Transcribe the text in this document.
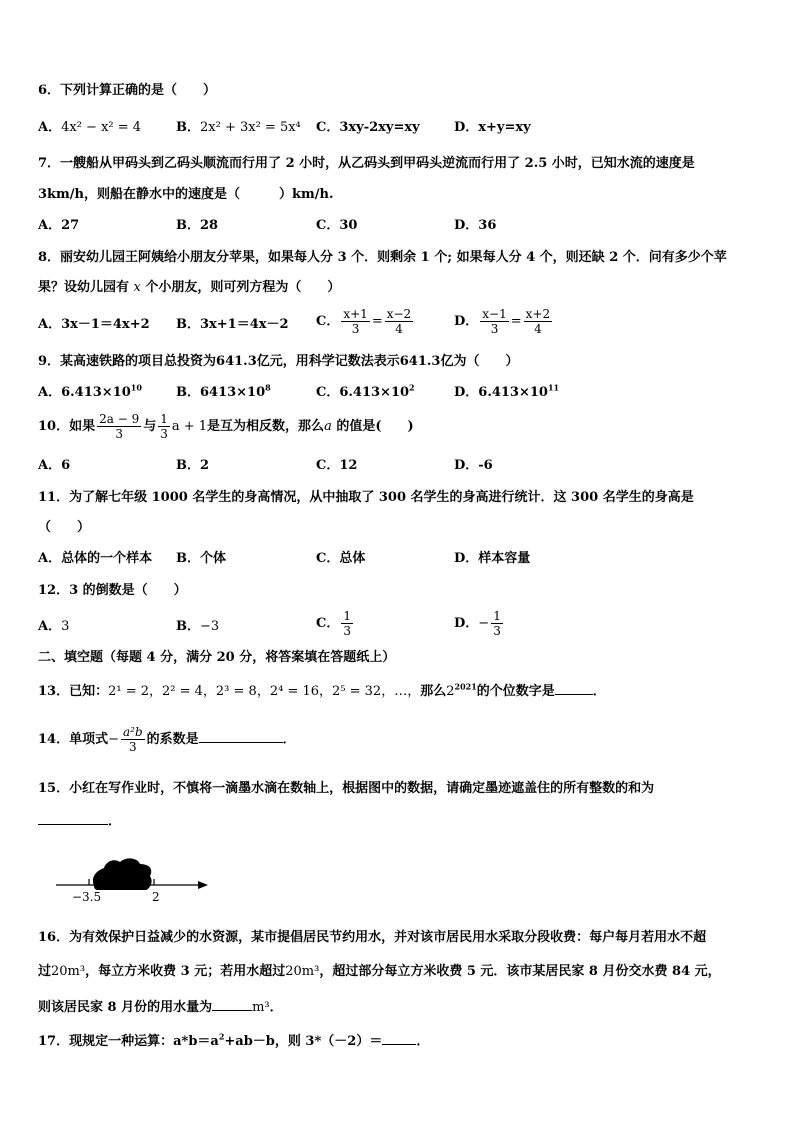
6．下列计算正确的是（　　）
A．4x² − x² = 4	B．2x² + 3x² = 5x⁴ C．3xy-2xy=xy	D．x+y=xy
7．一艘船从甲码头到乙码头顺流而行用了 2 小时，从乙码头到甲码头逆流而行用了 2.5 小时，已知水流的速度是
3km/h，则船在静水中的速度是（　　　）km/h.
A．27	B．28	C．30	D．36
8．丽安幼儿园王阿姨给小朋友分苹果，如果每人分 3 个．则剩余 1 个; 如果每人分 4 个，则还缺 2 个．问有多少个苹
果？设幼儿园有 x 个小朋友，则可列方程为（　　）
A．3x－1＝4x+2 B．3x+1＝4x－2 C． $\frac{x+1}{3} = \frac{x-2}{4}$	D． $\frac{x-1}{3} = \frac{x+2}{4}$
9．某高速铁路的项目总投资为641.3亿元，用科学记数法表示641.3亿为（　　）
A．$6.413\times 10^{10}$	B．$6413\times 10^8$	C．$6.413\times 10^2$	D．$6.413\times 10^{11}$
10．如果 $\frac{2a - 9}{3}$ 与 $\frac{1}{3}$ a + 1是互为相反数，那么a 的值是(　　)
A．6	B．2	C．12	D．-6
11．为了解七年级 1000 名学生的身高情况，从中抽取了 300 名学生的身高进行统计．这 300 名学生的身高是
（　　）
A．总体的一个样本 B．个体	C．总体	D．样本容量
12．3 的倒数是（　　）
A．3	B．−3	C． $\frac{1}{3}$	D．− $\frac{1}{3}$
二、填空题（每题 4 分，满分 20 分，将答案填在答题纸上）
13．已知：2¹ = 2，2² = 4，2³ = 8，2⁴ = 16，2⁵ = 32，…，那么$2^{2021}$的个位数字是	．
14．单项式− $\frac{\text{a²b}}{3}$ 的系数是	．
15．小红在写作业时，不慎将一滴墨水滴在数轴上，根据图中的数据，请确定墨迹遮盖住的所有整数的和为
．
−3.5	2
16．为有效保护日益减少的水资源，某市提倡居民节约用水，并对该市居民用水采取分段收费：每户每月若用水不超
过20m³，每立方米收费 3 元；若用水超过20m³，超过部分每立方米收费 5 元．该市某居民家 8 月份交水费 84 元，
则该居民家 8 月份的用水量为	m³．
17．现规定一种运算：$a*b=a^2+ab-b$，则 3*（－2）＝	．
